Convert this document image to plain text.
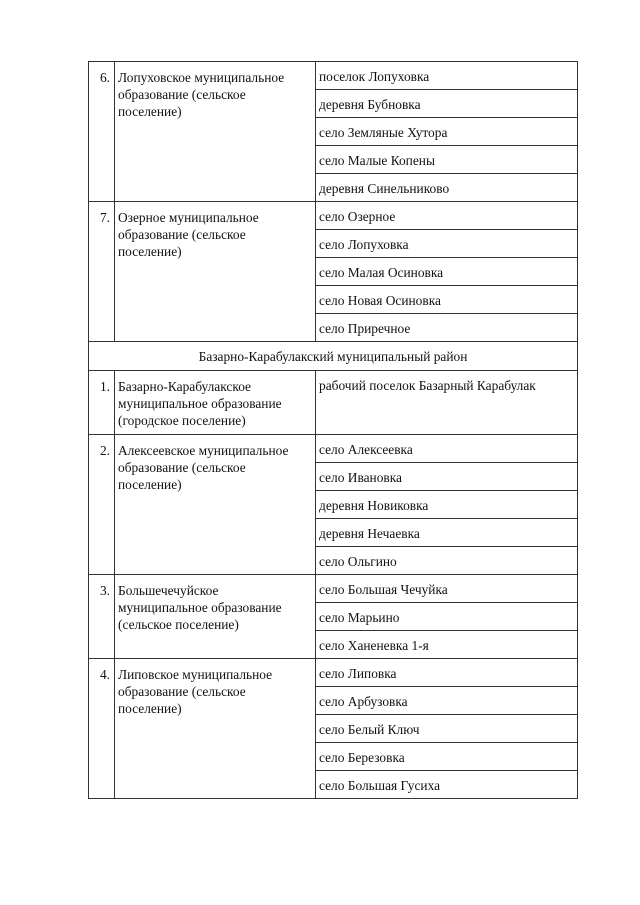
6.	Лопуховское муниципальное образование (сельское поселение)	поселок Лопуховка
		деревня Бубновка
		село Земляные Хутора
		село Малые Копены
		деревня Синельниково
7.	Озерное муниципальное образование (сельское поселение)	село Озерное
		село Лопуховка
		село Малая Осиновка
		село Новая Осиновка
		село Приречное
Базарно-Карабулакский муниципальный район		
1.	Базарно-Карабулакское муниципальное образование (городское поселение)	рабочий поселок Базарный Карабулак
2.	Алексеевское муниципальное образование (сельское поселение)	село Алексеевка
		село Ивановка
		деревня Новиковка
		деревня Нечаевка
		село Ольгино
3.	Большечечуйское муниципальное образование (сельское поселение)	село Большая Чечуйка
		село Марьино
		село Ханеневка 1-я
4.	Липовское муниципальное образование (сельское поселение)	село Липовка
		село Арбузовка
		село Белый Ключ
		село Березовка
		село Большая Гусиха
